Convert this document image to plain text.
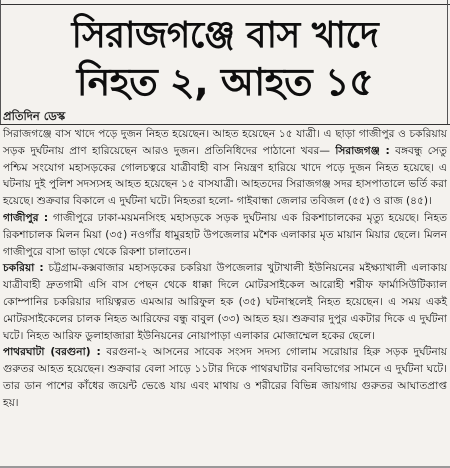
সিরাজগঞ্জে বাস খাদে
নিহত ২, আহত ১৫
প্রতিদিন ডেস্ক

সিরাজগঞ্জে বাস খাদে পড়ে দুজন নিহত হয়েছেন। আহত হয়েছেন ১৫ যাত্রী। এ ছাড়া গাজীপুর ও চকরিয়ায় সড়ক দুর্ঘটনায় প্রাণ হারিয়েছেন আরও দুজন। প্রতিনিধিদের পাঠানো খবর— সিরাজগঞ্জ : বঙ্গবন্ধু সেতু পশ্চিম সংযোগ মহাসড়কের গোলচত্বরে যাত্রীবাহী বাস নিয়ন্ত্রণ হারিয়ে খাদে পড়ে দুজন নিহত হয়েছে। এ ঘটনায় দুই পুলিশ সদস্যসহ আহত হয়েছেন ১৫ বাসযাত্রী। আহতদের সিরাজগঞ্জ সদর হাসপাতালে ভর্তি করা হয়েছে। শুক্রবার বিকালে এ দুর্ঘটনা ঘটে। নিহতরা হলো- গাইবান্ধা জেলার তবিজল (৫৫) ও রাজ (৪৫)।

গাজীপুর : গাজীপুরে ঢাকা-ময়মনসিংহ মহাসড়কে সড়ক দুর্ঘটনায় এক রিকশাচালকের মৃত্যু হয়েছে। নিহত রিকশাচালক মিলন মিয়া (৩৫) নওগাঁর ধামুরহাট উপজেলার মশৈক এলাকার মৃত মায়ান মিয়ার ছেলে। মিলন গাজীপুরে বাসা ভাড়া থেকে রিকশা চালাতেন।

চকরিয়া : চট্টগ্রাম-কক্সবাজার মহাসড়কের চকরিয়া উপজেলার খুটাখালী ইউনিয়নের মইক্ষ্যাখালী এলাকায় যাত্রীবাহী দ্রুতগামী এসি বাস পেছন থেকে ধাক্কা দিলে মোটরসাইকেল আরোহী শরীফ ফার্মাসিউটিক্যাল কোম্পানির চকরিয়ার দায়িত্বরত এমআর আরিফুল হক (৩৫) ঘটনাস্থলেই নিহত হয়েছেন। এ সময় একই মোটরসাইকেলের চালক নিহত আরিফের বন্ধু বাবুল (৩৩) আহত হয়। শুক্রবার দুপুর একটার দিকে এ দুর্ঘটনা ঘটে। নিহত আরিফ ডুলাহাজারা ইউনিয়নের নোয়াপাড়া এলাকার মোজাম্মেল হকের ছেলে।

পাথরঘাটা (বরগুনা) : বরগুনা-২ আসনের সাবেক সংসদ সদস্য গোলাম সরোয়ার হিরু সড়ক দুর্ঘটনায় গুরুতর আহত হয়েছেন। শুক্রবার বেলা সাড়ে ১১টার দিকে পাথরঘাটার বনবিভাগের সামনে এ দুর্ঘটনা ঘটে। তার ডান পাশের কাঁধের জয়েন্ট ভেঙে যায় এবং মাথায় ও শরীরের বিভিন্ন জায়গায় গুরুতর আঘাতপ্রাপ্ত হয়।
